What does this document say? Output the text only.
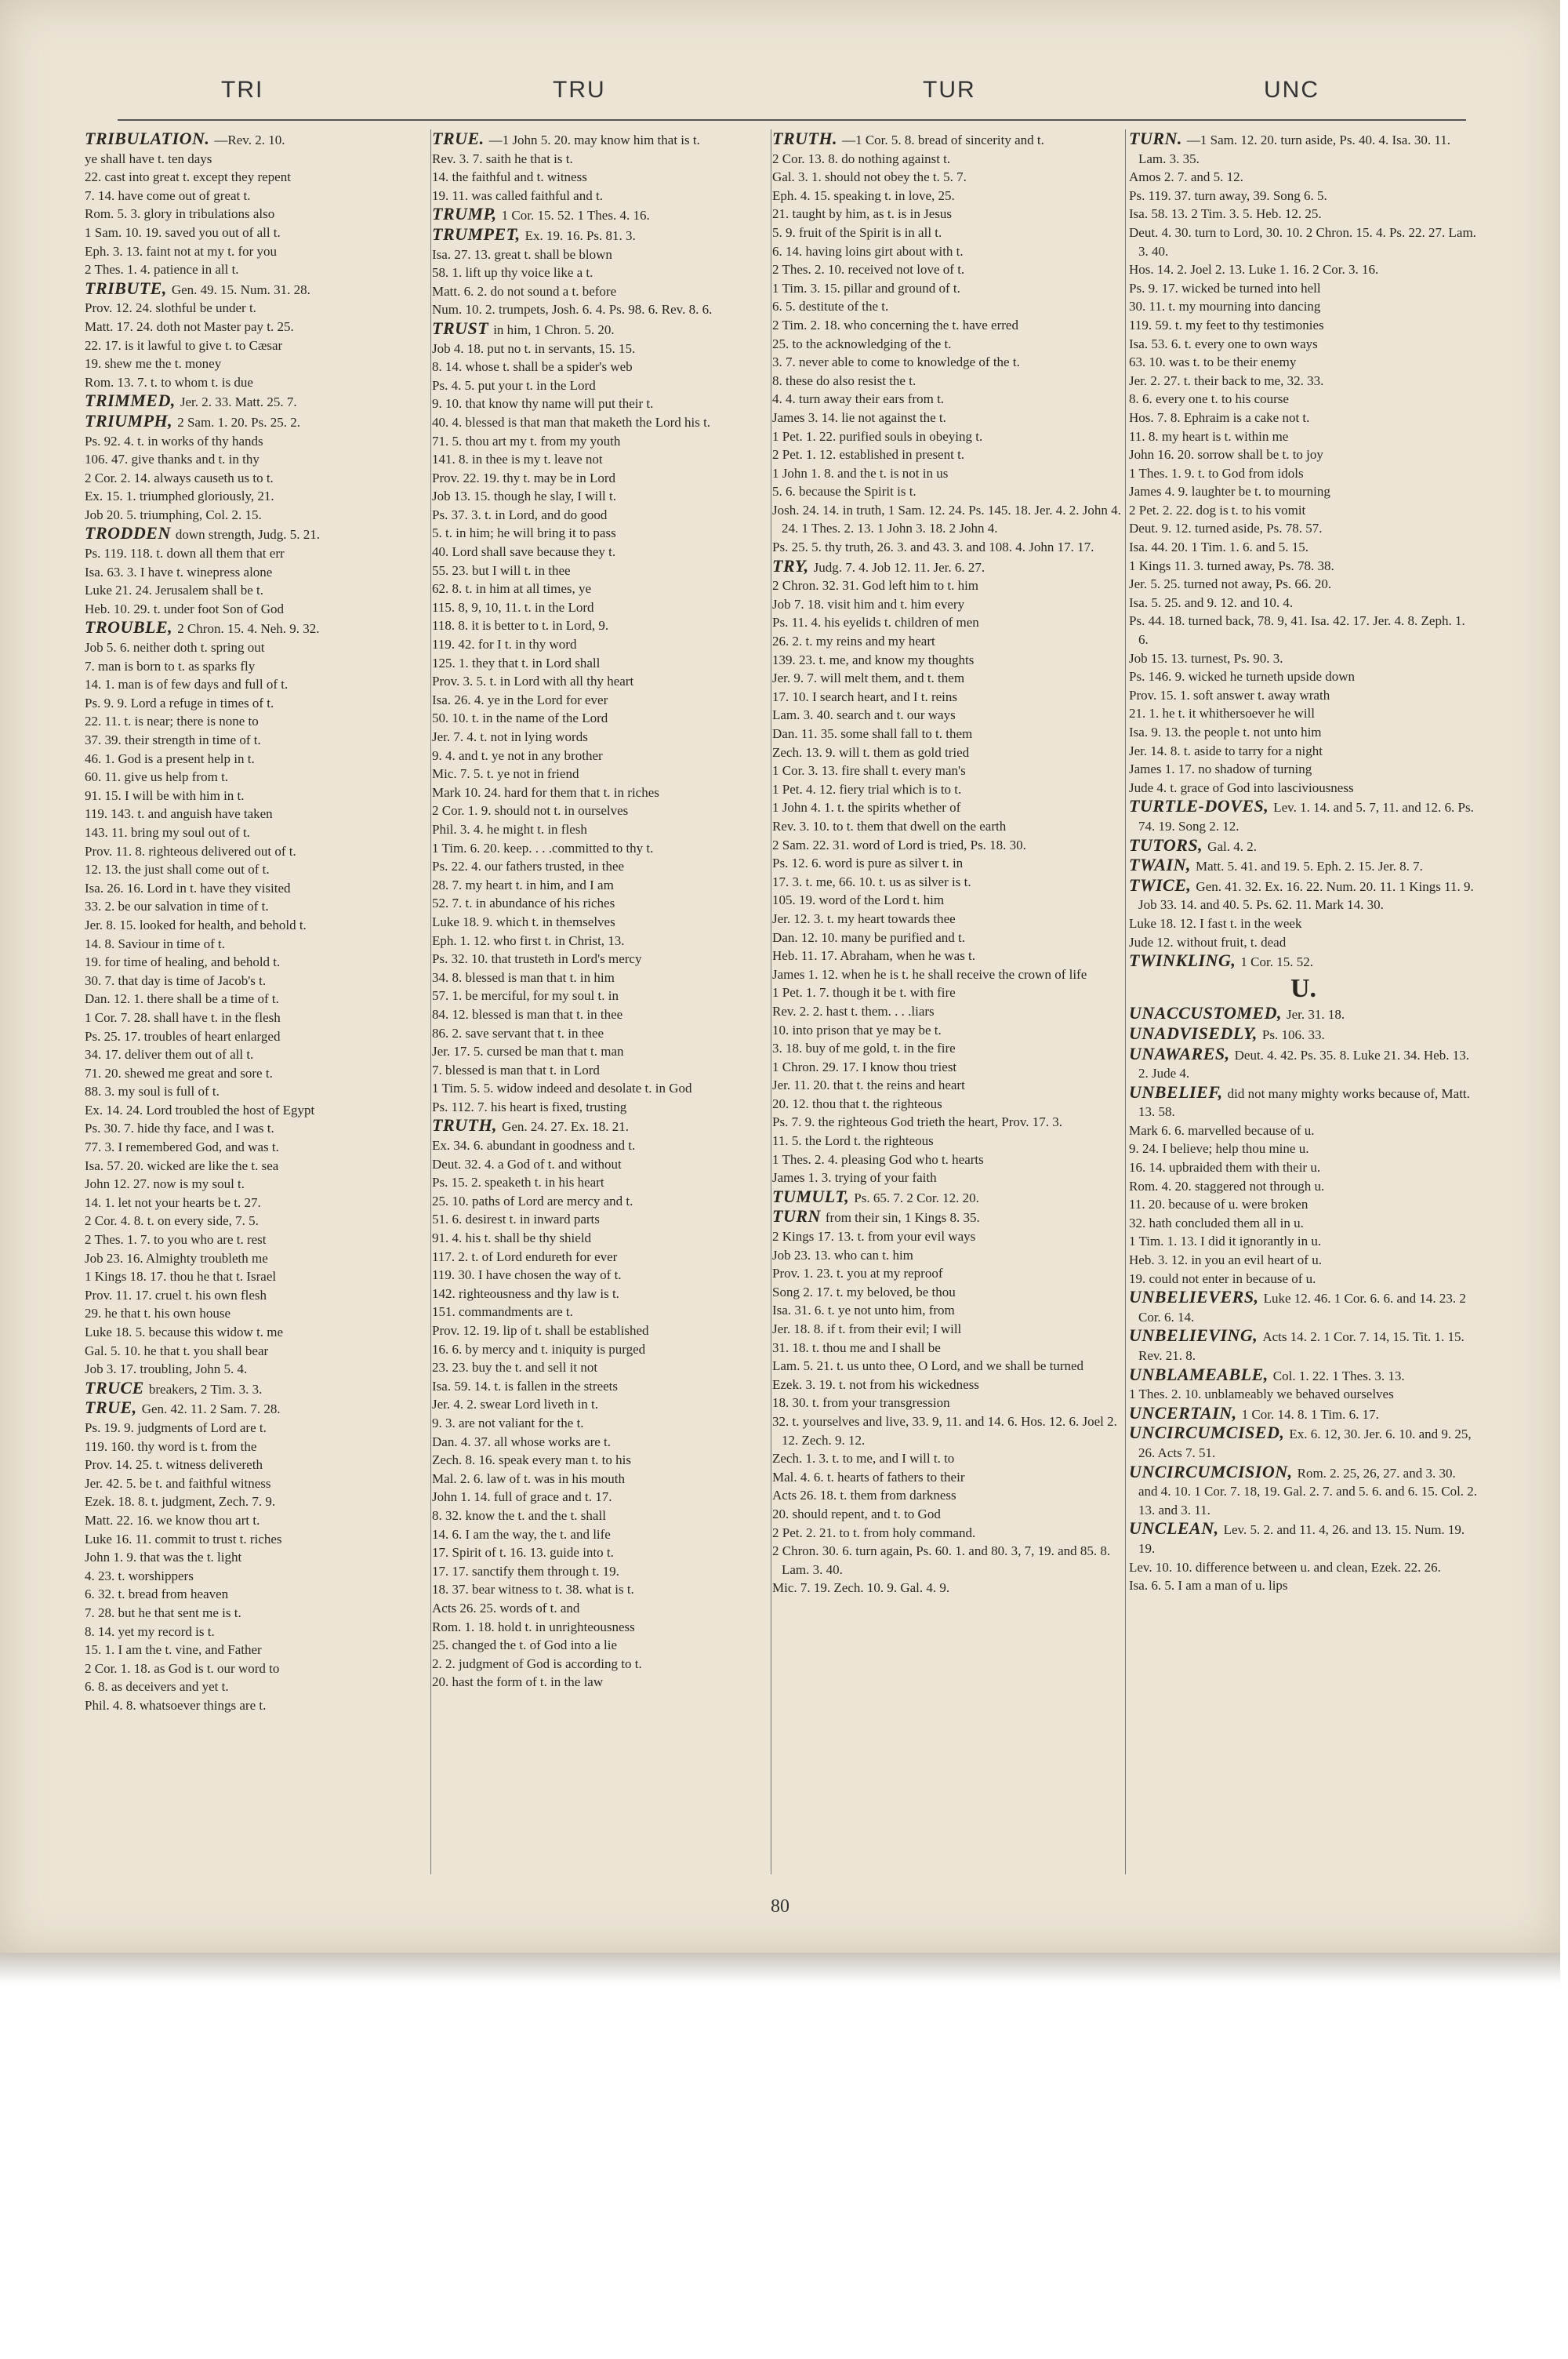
TRI	TRU	TUR	UNC
TRIBULATION. —Rev. 2. 10.
ye shall have t. ten days
22. cast into great t. except they repent
7. 14. have come out of great t.
Rom. 5. 3. glory in tribulations also
1 Sam. 10. 19. saved you out of all t.
Eph. 3. 13. faint not at my t. for you
2 Thes. 1. 4. patience in all t.
TRIBUTE, Gen. 49. 15. Num. 31. 28.
Prov. 12. 24. slothful be under t.
Matt. 17. 24. doth not Master pay t. 25.
22. 17. is it lawful to give t. to Cæsar
19. shew me the t. money
Rom. 13. 7. t. to whom t. is due
TRIMMED, Jer. 2. 33. Matt. 25. 7.
TRIUMPH, 2 Sam. 1. 20. Ps. 25. 2.
Ps. 92. 4. t. in works of thy hands
106. 47. give thanks and t. in thy
2 Cor. 2. 14. always causeth us to t.
Ex. 15. 1. triumphed gloriously, 21.
Job 20. 5. triumphing, Col. 2. 15.
TRODDEN down strength, Judg. 5. 21.
Ps. 119. 118. t. down all them that err
Isa. 63. 3. I have t. winepress alone
Luke 21. 24. Jerusalem shall be t.
Heb. 10. 29. t. under foot Son of God
TROUBLE, 2 Chron. 15. 4. Neh. 9. 32.
Job 5. 6. neither doth t. spring out
7. man is born to t. as sparks fly
14. 1. man is of few days and full of t.
Ps. 9. 9. Lord a refuge in times of t.
22. 11. t. is near; there is none to
37. 39. their strength in time of t.
46. 1. God is a present help in t.
60. 11. give us help from t.
91. 15. I will be with him in t.
119. 143. t. and anguish have taken
143. 11. bring my soul out of t.
Prov. 11. 8. righteous delivered out of t.
12. 13. the just shall come out of t.
Isa. 26. 16. Lord in t. have they visited
33. 2. be our salvation in time of t.
Jer. 8. 15. looked for health, and behold t.
14. 8. Saviour in time of t.
19. for time of healing, and behold t.
30. 7. that day is time of Jacob's t.
Dan. 12. 1. there shall be a time of t.
1 Cor. 7. 28. shall have t. in the flesh
Ps. 25. 17. troubles of heart enlarged
34. 17. deliver them out of all t.
71. 20. shewed me great and sore t.
88. 3. my soul is full of t.
Ex. 14. 24. Lord troubled the host of Egypt
Ps. 30. 7. hide thy face, and I was t.
77. 3. I remembered God, and was t.
Isa. 57. 20. wicked are like the t. sea
John 12. 27. now is my soul t.
14. 1. let not your hearts be t. 27.
2 Cor. 4. 8. t. on every side, 7. 5.
2 Thes. 1. 7. to you who are t. rest
Job 23. 16. Almighty troubleth me
1 Kings 18. 17. thou he that t. Israel
Prov. 11. 17. cruel t. his own flesh
29. he that t. his own house
Luke 18. 5. because this widow t. me
Gal. 5. 10. he that t. you shall bear
Job 3. 17. troubling, John 5. 4.
TRUCE breakers, 2 Tim. 3. 3.
TRUE, Gen. 42. 11. 2 Sam. 7. 28.
Ps. 19. 9. judgments of Lord are t.
119. 160. thy word is t. from the
Prov. 14. 25. t. witness delivereth
Jer. 42. 5. be t. and faithful witness
Ezek. 18. 8. t. judgment, Zech. 7. 9.
Matt. 22. 16. we know thou art t.
Luke 16. 11. commit to trust t. riches
John 1. 9. that was the t. light
4. 23. t. worshippers
6. 32. t. bread from heaven
7. 28. but he that sent me is t.
8. 14. yet my record is t.
15. 1. I am the t. vine, and Father
2 Cor. 1. 18. as God is t. our word to
6. 8. as deceivers and yet t.
Phil. 4. 8. whatsoever things are t.
TRUE. —1 John 5. 20. may know him that is t.
Rev. 3. 7. saith he that is t.
14. the faithful and t. witness
19. 11. was called faithful and t.
TRUMP, 1 Cor. 15. 52. 1 Thes. 4. 16.
TRUMPET, Ex. 19. 16. Ps. 81. 3.
Isa. 27. 13. great t. shall be blown
58. 1. lift up thy voice like a t.
Matt. 6. 2. do not sound a t. before
Num. 10. 2. trumpets, Josh. 6. 4. Ps. 98. 6. Rev. 8. 6.
TRUST in him, 1 Chron. 5. 20.
Job 4. 18. put no t. in servants, 15. 15.
8. 14. whose t. shall be a spider's web
Ps. 4. 5. put your t. in the Lord
9. 10. that know thy name will put their t.
40. 4. blessed is that man that maketh the Lord his t.
71. 5. thou art my t. from my youth
141. 8. in thee is my t. leave not
Prov. 22. 19. thy t. may be in Lord
Job 13. 15. though he slay, I will t.
Ps. 37. 3. t. in Lord, and do good
5. t. in him; he will bring it to pass
40. Lord shall save because they t.
55. 23. but I will t. in thee
62. 8. t. in him at all times, ye
115. 8, 9, 10, 11. t. in the Lord
118. 8. it is better to t. in Lord, 9.
119. 42. for I t. in thy word
125. 1. they that t. in Lord shall
Prov. 3. 5. t. in Lord with all thy heart
Isa. 26. 4. ye in the Lord for ever
50. 10. t. in the name of the Lord
Jer. 7. 4. t. not in lying words
9. 4. and t. ye not in any brother
Mic. 7. 5. t. ye not in friend
Mark 10. 24. hard for them that t. in riches
2 Cor. 1. 9. should not t. in ourselves
Phil. 3. 4. he might t. in flesh
1 Tim. 6. 20. keep. . . .committed to thy t.
Ps. 22. 4. our fathers trusted, in thee
28. 7. my heart t. in him, and I am
52. 7. t. in abundance of his riches
Luke 18. 9. which t. in themselves
Eph. 1. 12. who first t. in Christ, 13.
Ps. 32. 10. that trusteth in Lord's mercy
34. 8. blessed is man that t. in him
57. 1. be merciful, for my soul t. in
84. 12. blessed is man that t. in thee
86. 2. save servant that t. in thee
Jer. 17. 5. cursed be man that t. man
7. blessed is man that t. in Lord
1 Tim. 5. 5. widow indeed and desolate t. in God
Ps. 112. 7. his heart is fixed, trusting
TRUTH, Gen. 24. 27. Ex. 18. 21.
Ex. 34. 6. abundant in goodness and t.
Deut. 32. 4. a God of t. and without
Ps. 15. 2. speaketh t. in his heart
25. 10. paths of Lord are mercy and t.
51. 6. desirest t. in inward parts
91. 4. his t. shall be thy shield
117. 2. t. of Lord endureth for ever
119. 30. I have chosen the way of t.
142. righteousness and thy law is t.
151. commandments are t.
Prov. 12. 19. lip of t. shall be established
16. 6. by mercy and t. iniquity is purged
23. 23. buy the t. and sell it not
Isa. 59. 14. t. is fallen in the streets
Jer. 4. 2. swear Lord liveth in t.
9. 3. are not valiant for the t.
Dan. 4. 37. all whose works are t.
Zech. 8. 16. speak every man t. to his
Mal. 2. 6. law of t. was in his mouth
John 1. 14. full of grace and t. 17.
8. 32. know the t. and the t. shall
14. 6. I am the way, the t. and life
17. Spirit of t. 16. 13. guide into t.
17. 17. sanctify them through t. 19.
18. 37. bear witness to t. 38. what is t.
Acts 26. 25. words of t. and
Rom. 1. 18. hold t. in unrighteousness
25. changed the t. of God into a lie
2. 2. judgment of God is according to t.
20. hast the form of t. in the law
TRUTH. —1 Cor. 5. 8. bread of sincerity and t.
2 Cor. 13. 8. do nothing against t.
Gal. 3. 1. should not obey the t. 5. 7.
Eph. 4. 15. speaking t. in love, 25.
21. taught by him, as t. is in Jesus
5. 9. fruit of the Spirit is in all t.
6. 14. having loins girt about with t.
2 Thes. 2. 10. received not love of t.
1 Tim. 3. 15. pillar and ground of t.
6. 5. destitute of the t.
2 Tim. 2. 18. who concerning the t. have erred
25. to the acknowledging of the t.
3. 7. never able to come to knowledge of the t.
8. these do also resist the t.
4. 4. turn away their ears from t.
James 3. 14. lie not against the t.
1 Pet. 1. 22. purified souls in obeying t.
2 Pet. 1. 12. established in present t.
1 John 1. 8. and the t. is not in us
5. 6. because the Spirit is t.
Josh. 24. 14. in truth, 1 Sam. 12. 24. Ps. 145. 18. Jer. 4. 2. John 4. 24. 1 Thes. 2. 13. 1 John 3. 18. 2 John 4.
Ps. 25. 5. thy truth, 26. 3. and 43. 3. and 108. 4. John 17. 17.
TRY, Judg. 7. 4. Job 12. 11. Jer. 6. 27.
2 Chron. 32. 31. God left him to t. him
Job 7. 18. visit him and t. him every
Ps. 11. 4. his eyelids t. children of men
26. 2. t. my reins and my heart
139. 23. t. me, and know my thoughts
Jer. 9. 7. will melt them, and t. them
17. 10. I search heart, and I t. reins
Lam. 3. 40. search and t. our ways
Dan. 11. 35. some shall fall to t. them
Zech. 13. 9. will t. them as gold tried
1 Cor. 3. 13. fire shall t. every man's
1 Pet. 4. 12. fiery trial which is to t.
1 John 4. 1. t. the spirits whether of
Rev. 3. 10. to t. them that dwell on the earth
2 Sam. 22. 31. word of Lord is tried, Ps. 18. 30.
Ps. 12. 6. word is pure as silver t. in
17. 3. t. me, 66. 10. t. us as silver is t.
105. 19. word of the Lord t. him
Jer. 12. 3. t. my heart towards thee
Dan. 12. 10. many be purified and t.
Heb. 11. 17. Abraham, when he was t.
James 1. 12. when he is t. he shall receive the crown of life
1 Pet. 1. 7. though it be t. with fire
Rev. 2. 2. hast t. them. . . .liars
10. into prison that ye may be t.
3. 18. buy of me gold, t. in the fire
1 Chron. 29. 17. I know thou triest
Jer. 11. 20. that t. the reins and heart
20. 12. thou that t. the righteous
Ps. 7. 9. the righteous God trieth the heart, Prov. 17. 3.
11. 5. the Lord t. the righteous
1 Thes. 2. 4. pleasing God who t. hearts
James 1. 3. trying of your faith
TUMULT, Ps. 65. 7. 2 Cor. 12. 20.
TURN from their sin, 1 Kings 8. 35.
2 Kings 17. 13. t. from your evil ways
Job 23. 13. who can t. him
Prov. 1. 23. t. you at my reproof
Song 2. 17. t. my beloved, be thou
Isa. 31. 6. t. ye not unto him, from
Jer. 18. 8. if t. from their evil; I will
31. 18. t. thou me and I shall be
Lam. 5. 21. t. us unto thee, O Lord, and we shall be turned
Ezek. 3. 19. t. not from his wickedness
18. 30. t. from your transgression
32. t. yourselves and live, 33. 9, 11. and 14. 6. Hos. 12. 6. Joel 2. 12. Zech. 9. 12.
Zech. 1. 3. t. to me, and I will t. to
Mal. 4. 6. t. hearts of fathers to their
Acts 26. 18. t. them from darkness
20. should repent, and t. to God
2 Pet. 2. 21. to t. from holy command.
2 Chron. 30. 6. turn again, Ps. 60. 1. and 80. 3, 7, 19. and 85. 8. Lam. 3. 40.
Mic. 7. 19. Zech. 10. 9. Gal. 4. 9.
TURN. —1 Sam. 12. 20. turn aside, Ps. 40. 4. Isa. 30. 11. Lam. 3. 35.
Amos 2. 7. and 5. 12.
Ps. 119. 37. turn away, 39. Song 6. 5.
Isa. 58. 13. 2 Tim. 3. 5. Heb. 12. 25.
Deut. 4. 30. turn to Lord, 30. 10. 2 Chron. 15. 4. Ps. 22. 27. Lam. 3. 40.
Hos. 14. 2. Joel 2. 13. Luke 1. 16. 2 Cor. 3. 16.
Ps. 9. 17. wicked be turned into hell
30. 11. t. my mourning into dancing
119. 59. t. my feet to thy testimonies
Isa. 53. 6. t. every one to own ways
63. 10. was t. to be their enemy
Jer. 2. 27. t. their back to me, 32. 33.
8. 6. every one t. to his course
Hos. 7. 8. Ephraim is a cake not t.
11. 8. my heart is t. within me
John 16. 20. sorrow shall be t. to joy
1 Thes. 1. 9. t. to God from idols
James 4. 9. laughter be t. to mourning
2 Pet. 2. 22. dog is t. to his vomit
Deut. 9. 12. turned aside, Ps. 78. 57.
Isa. 44. 20. 1 Tim. 1. 6. and 5. 15.
1 Kings 11. 3. turned away, Ps. 78. 38.
Jer. 5. 25. turned not away, Ps. 66. 20.
Isa. 5. 25. and 9. 12. and 10. 4.
Ps. 44. 18. turned back, 78. 9, 41. Isa. 42. 17. Jer. 4. 8. Zeph. 1. 6.
Job 15. 13. turnest, Ps. 90. 3.
Ps. 146. 9. wicked he turneth upside down
Prov. 15. 1. soft answer t. away wrath
21. 1. he t. it whithersoever he will
Isa. 9. 13. the people t. not unto him
Jer. 14. 8. t. aside to tarry for a night
James 1. 17. no shadow of turning
Jude 4. t. grace of God into lasciviousness
TURTLE-DOVES, Lev. 1. 14. and 5. 7, 11. and 12. 6. Ps. 74. 19. Song 2. 12.
TUTORS, Gal. 4. 2.
TWAIN, Matt. 5. 41. and 19. 5. Eph. 2. 15. Jer. 8. 7.
TWICE, Gen. 41. 32. Ex. 16. 22. Num. 20. 11. 1 Kings 11. 9. Job 33. 14. and 40. 5. Ps. 62. 11. Mark 14. 30.
Luke 18. 12. I fast t. in the week
Jude 12. without fruit, t. dead
TWINKLING, 1 Cor. 15. 52.
U.
UNACCUSTOMED, Jer. 31. 18.
UNADVISEDLY, Ps. 106. 33.
UNAWARES, Deut. 4. 42. Ps. 35. 8. Luke 21. 34. Heb. 13. 2. Jude 4.
UNBELIEF, did not many mighty works because of, Matt. 13. 58.
Mark 6. 6. marvelled because of u.
9. 24. I believe; help thou mine u.
16. 14. upbraided them with their u.
Rom. 4. 20. staggered not through u.
11. 20. because of u. were broken
32. hath concluded them all in u.
1 Tim. 1. 13. I did it ignorantly in u.
Heb. 3. 12. in you an evil heart of u.
19. could not enter in because of u.
UNBELIEVERS, Luke 12. 46. 1 Cor. 6. 6. and 14. 23. 2 Cor. 6. 14.
UNBELIEVING, Acts 14. 2. 1 Cor. 7. 14, 15. Tit. 1. 15. Rev. 21. 8.
UNBLAMEABLE, Col. 1. 22. 1 Thes. 3. 13.
1 Thes. 2. 10. unblameably we behaved ourselves
UNCERTAIN, 1 Cor. 14. 8. 1 Tim. 6. 17.
UNCIRCUMCISED, Ex. 6. 12, 30. Jer. 6. 10. and 9. 25, 26. Acts 7. 51.
UNCIRCUMCISION, Rom. 2. 25, 26, 27. and 3. 30. and 4. 10. 1 Cor. 7. 18, 19. Gal. 2. 7. and 5. 6. and 6. 15. Col. 2. 13. and 3. 11.
UNCLEAN, Lev. 5. 2. and 11. 4, 26. and 13. 15. Num. 19. 19.
Lev. 10. 10. difference between u. and clean, Ezek. 22. 26.
Isa. 6. 5. I am a man of u. lips
80
